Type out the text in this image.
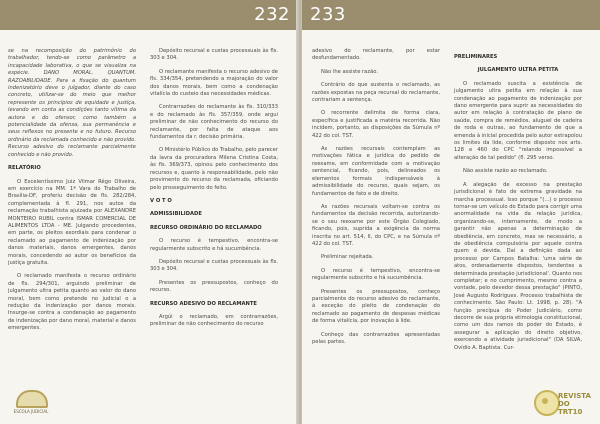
232

se na recomposição do patrimônio do trabalhador, tendo-se como parâmetro a incapacidade laborativa, o que se visualiza na espécie. DANO MORAL. QUANTUM. RAZOABILIDADE. Para a fixação do quantum indenizatório deve o julgador, diante do caso concreto, utilizar-se do meio que melhor represente os princípios de equidade e justiça, levando em conta as condições tanto vítima da autora e do ofensor, como também a potencialidade da ofensa, sua permanência e seus reflexos no presente e no futuro. Recurso ordinário da reclamada conhecido e não provido. Recurso adesivo do reclamante parcialmente conhecido e não provido.

RELATÓRIO

O Excelentíssimo Juiz Vilmar Rêgo Oliveira, em exercício na MM. 1ª Vara do Trabalho de Brasília-DF, proferiu decisão de fls. 282/284, complementada à fl. 291, nos autos da reclamação trabalhista ajuizada por ALEXANDRE MONTEIRO RUBIL contra ISMAR COMERCIAL DE ALIMENTOS LTDA - ME. Julgando procedentes, em parte, os pleitos exordiais para condenar o reclamado ao pagamento de indenização por danos materiais, danos emergentes, danos morais, concedendo ao autor os benefícios da justiça gratuita.

O reclamado manifesta o recurso ordinário de fls. 294/301, arguindo preliminar de julgamento ultra petita quanto ao valor do dano moral, bem como pretende no judicial o a redução da indenização por danos morais. Insurge-se contra a condenação ao pagamento de indenização por dano moral, material e danos emergentes.

Depósito recursal e custas processuais às fls. 303 e 304.

O reclamante manifesta o recurso adesivo de fls. 334/354, pretendendo a majoração do valor dos danos morais, bem como a condenação vitalícia do custeio das necessidades médicas.

Contrarrazões do reclamante às fls. 310/333 e do reclamado às fls. 357/359, onde argui preliminar de não conhecimento do recurso do reclamante, por falta de ataque aos fundamentos da r. decisão primária.

O Ministério Público do Trabalho, pelo parecer da lavra da procuradora Milena Cristina Costa, às fls. 369/373, opinou pelo conhecimento dos recursos e, quanto à responsabilidade, pelo não provimento do recurso da reclamada, oficiando pelo prosseguimento do feito.

V O T O
ADMISSIBILIDADE
RECURSO ORDINÁRIO DO RECLAMADO

O recurso é tempestivo, encontra-se regularmente subscrito e há sucumbência.

Depósito recursal e custas processuais às fls. 303 e 304.

Presentes os pressupostos, conheço do recurso.

RECURSO ADESIVO DO RECLAMANTE

Argúi o reclamado, em contrarrazões, preliminar de não conhecimento do recurso

ESCOLA JUDICIAL
233

adesivo do reclamante, por estar desfundamentado.

Não lhe assiste razão.

Contrário do que sustenta o reclamado, as razões expostas na peça recursal do reclamante, contrariam a sentença.

O recorrente delimita de forma clara, específica e justificada a matéria recorrida. Não incidem, portanto, as disposições da Súmula nº 422 do col. TST.

As razões recursais contemplam as motivações fática e jurídica do pedido de reexame, em conformidade com a motivação sentencial, ficando, pois, delineados os elementos formais indispensáveis à admissibilidade do recurso, quais sejam, os fundamentos de fato e de direito.

As razões recursais voltam-se contra os fundamentos da decisão recorrida, autorizando-se o seu reexame por este Órgão Colegiado, ficando, pois, suprida a exigência da norma inscrita no art. 514, II, do CPC, e na Súmula nº 422 do col. TST.

Preliminar rejeitada.

O recurso é tempestivo, encontra-se regularmente subscrito e há sucumbência.

Presentes os pressupostos, conheço parcialmente do recurso adesivo do reclamante, à exceção do pleito de condenação do reclamado ao pagamento de despesas médicas de forma vitalícia, por inovação à lide.

Conheço das contrarrazões apresentadas pelas partes.

PRELIMINARES
JULGAMENTO ULTRA PETITA

O reclamado suscita a existência de julgamento ultra petita em relação à sua condenação ao pagamento de indenização por dano emergente para suprir as necessidades do autor em relação à contratação de plano de saúde, compra de remédios, aluguel de cadeira de roda e outras, ao fundamento de que a emenda à inicial procedida pelo autor extrapolou os limites da lide, conforme disposto nos arts. 128 e 460 do CPC "relando impossível a alteração de tal pedido" (fl. 295 verso.

Não assiste razão ao reclamado.

A alegação de excesso na prestação jurisdicional é fato de extrema gravidade na marcha processual. Isso porque "(...) o processo tornar-se um veículo do Estado para corrigir uma anormalidade na vida da relação jurídica, organizando-se, internamente, de modo a garantir não apenas a determinação de obediência, em concreto, mas se necessário, a de obediência compulsória por aquele contra quem é devida. Daí a definição dada ao processo por Campos Batalha: 'uma série de atos, ordenadamente dispostos, tendentes a determinada prestação jurisdicional'. Quanto nos completar; e no cumprimento, mesmo contra a vontade, pelo devedor dessa prestação" (PINTO, José Augusto Rodrigues. Processo trabalhista de conhecimento. São Paulo: Lt. 1998, p. 28). "A função precípua do Poder Judiciário, como decorre de sua própria etimologia constitucional, como um dos ramos do poder do Estado, é assegurar a aplicação do direito objetivo, exercendo a atividade jurisdicional" (DA SILVA, Ovídio A. Baptista. Cur-

REVISTA
DO TRT10
